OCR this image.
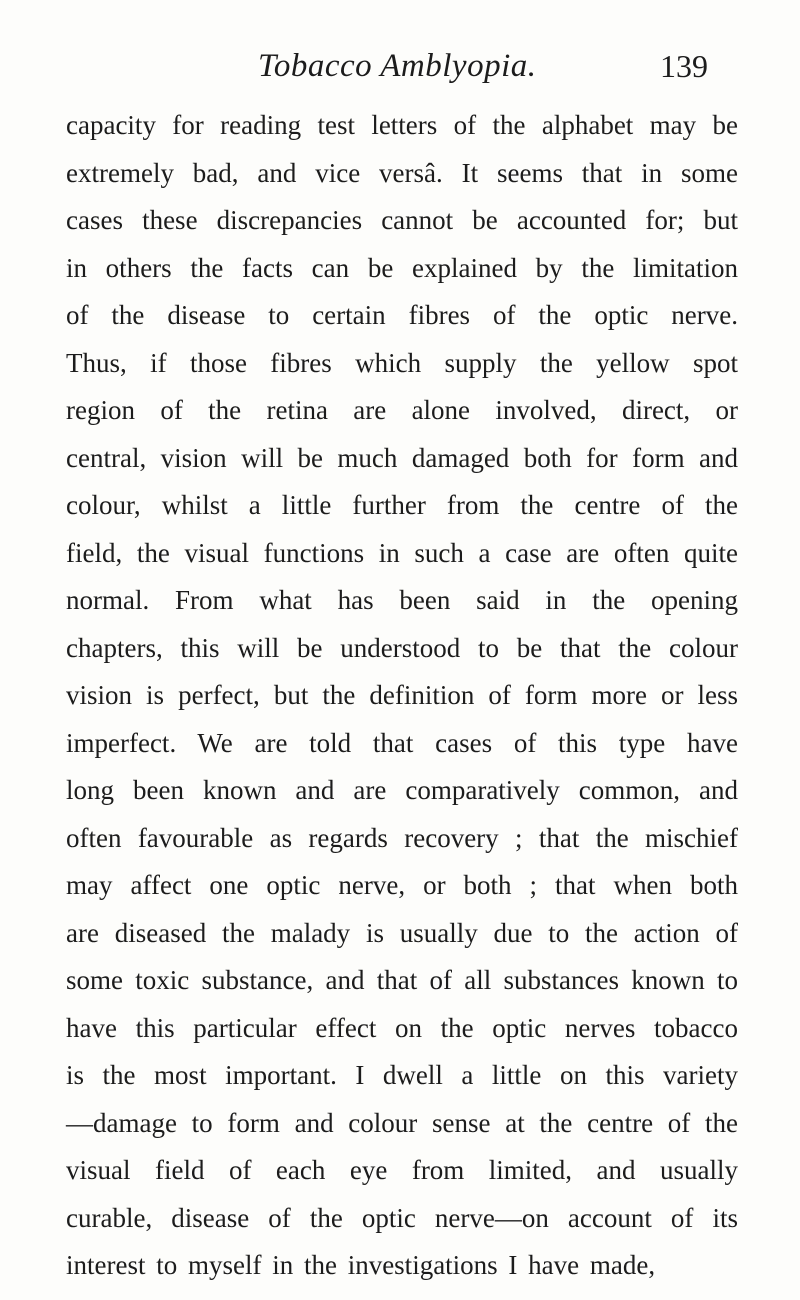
Tobacco Amblyopia.	139
capacity for reading test letters of the alphabet may be
extremely bad, and vice versâ. It seems that in some
cases these discrepancies cannot be accounted for; but
in others the facts can be explained by the limitation
of the disease to certain fibres of the optic nerve.
Thus, if those fibres which supply the yellow spot
region of the retina are alone involved, direct, or
central, vision will be much damaged both for form and
colour, whilst a little further from the centre of the
field, the visual functions in such a case are often quite
normal. From what has been said in the opening
chapters, this will be understood to be that the colour
vision is perfect, but the definition of form more or less
imperfect. We are told that cases of this type have
long been known and are comparatively common, and
often favourable as regards recovery ; that the mischief
may affect one optic nerve, or both ; that when both
are diseased the malady is usually due to the action of
some toxic substance, and that of all substances known to
have this particular effect on the optic nerves tobacco
is the most important. I dwell a little on this variety
—damage to form and colour sense at the centre of the
visual field of each eye from limited, and usually
curable, disease of the optic nerve—on account of its
interest to myself in the investigations I have made,
